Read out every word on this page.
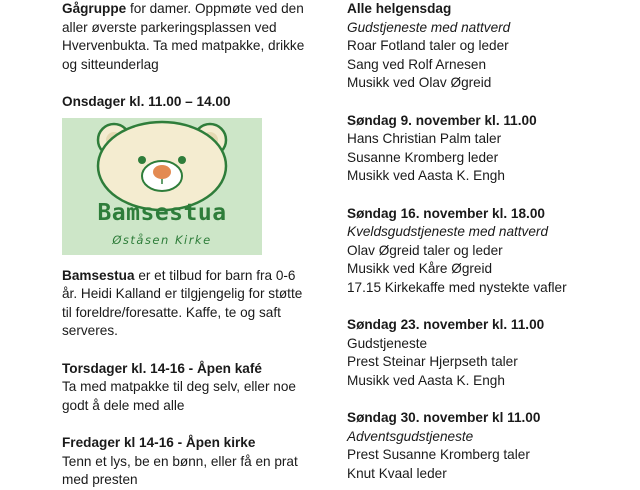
Gågruppe for damer. Oppmøte ved den aller øverste parkeringsplassen ved Hvervenbukta. Ta med matpakke, drikke og sitteunderlag

Onsdager kl. 11.00 – 14.00

Bamsestua
Øståsen Kirke

Bamsestua er et tilbud for barn fra 0-6 år. Heidi Kalland er tilgjengelig for støtte til foreldre/foresatte. Kaffe, te og saft serveres.

Torsdager kl. 14-16 - Åpen kafé

Ta med matpakke til deg selv, eller noe godt å dele med alle

Fredager kl 14-16 - Åpen kirke

Tenn et lys, be en bønn, eller få en prat med presten

Alle helgensdag

Gudstjeneste med nattverd

Roar Fotland taler og leder

Sang ved Rolf Arnesen

Musikk ved Olav Øgreid

Søndag 9. november kl. 11.00

Hans Christian Palm taler

Susanne Kromberg leder

Musikk ved Aasta K. Engh

Søndag 16. november kl. 18.00

Kveldsgudstjeneste med nattverd

Olav Øgreid taler og leder

Musikk ved Kåre Øgreid

17.15 Kirkekaffe med nystekte vafler

Søndag 23. november kl. 11.00

Gudstjeneste

Prest Steinar Hjerpseth taler

Musikk ved Aasta K. Engh

Søndag 30. november kl 11.00

Adventsgudstjeneste

Prest Susanne Kromberg taler

Knut Kvaal leder
